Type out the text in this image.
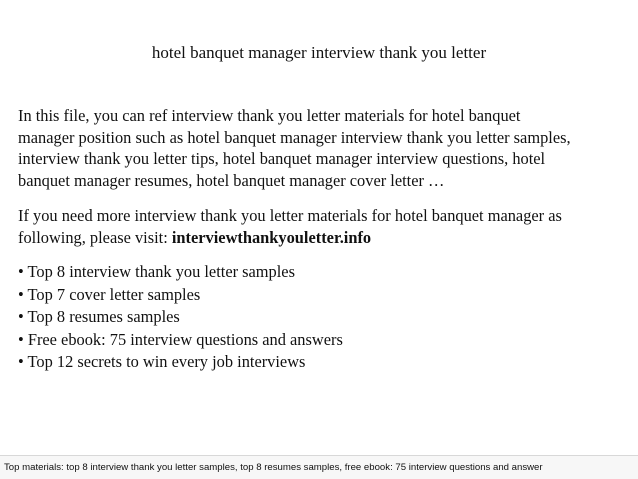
hotel banquet manager interview thank you letter
In this file, you can ref interview thank you letter materials for hotel banquet
manager position such as hotel banquet manager interview thank you letter samples,
interview thank you letter tips, hotel banquet manager interview questions, hotel
banquet manager resumes, hotel banquet manager cover letter …
If you need more interview thank you letter materials for hotel banquet manager as
following, please visit: interviewthankyouletter.info
• Top 8 interview thank you letter samples
• Top 7 cover letter samples
• Top 8 resumes samples
• Free ebook: 75 interview questions and answers
• Top 12 secrets to win every job interviews
Top materials: top 8 interview thank you letter samples, top 8 resumes samples, free ebook: 75 interview questions and answer
